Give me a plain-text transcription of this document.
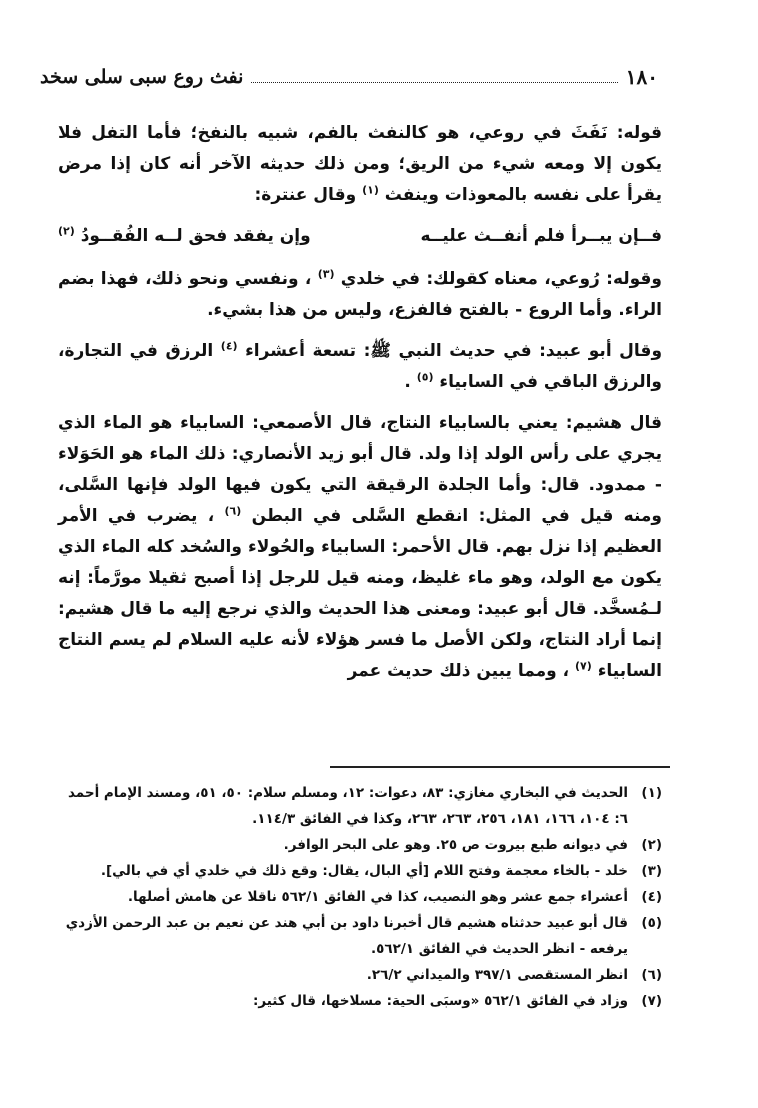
١٨٠
نفث روع سبى سلى سخد

قوله: نَفَثَ في روعي، هو كالنفث بالفم، شبيه بالنفخ؛ فأما التفل فلا يكون إلا ومعه شيء من الريق؛ ومن ذلك حديثه الآخر أنه كان إذا مرض يقرأ على نفسه بالمعوذات وينفث $^{(١)}$ وقال عنترة:

فــإن يبــرأ فلم أنفــث عليــه
وإن يفقد فحق لــه الفُقــودُ $^{(٢)}$

وقوله: رُوعي، معناه كقولك: في خلدي $^{(٣)}$ ، ونفسي ونحو ذلك، فهذا بضم الراء. وأما الروع - بالفتح فالفزع، وليس من هذا بشيء.

وقال أبو عبيد: في حديث النبي ﷺ: تسعة أعشراء $^{(٤)}$ الرزق في التجارة، والرزق الباقي في السابياء $^{(٥)}$ .

قال هشيم: يعني بالسابياء النتاج، قال الأصمعي: السابياء هو الماء الذي يجري على رأس الولد إذا ولد. قال أبو زيد الأنصاري: ذلك الماء هو الحَوَلاء - ممدود. قال: وأما الجلدة الرقيقة التي يكون فيها الولد فإنها السَّلى، ومنه قيل في المثل: انقطع السَّلى في البطن $^{(٦)}$ ، يضرب في الأمر العظيم إذا نزل بهم. قال الأحمر: السابياء والحُولاء والسُخد كله الماء الذي يكون مع الولد، وهو ماء غليظ، ومنه قيل للرجل إذا أصبح ثقيلا مورَّماً: إنه لـمُسخَّد. قال أبو عبيد: ومعنى هذا الحديث والذي نرجع إليه ما قال هشيم: إنما أراد النتاج، ولكن الأصل ما فسر هؤلاء لأنه عليه السلام لم يسم النتاج السابياء $^{(٧)}$ ، ومما يبين ذلك حديث عمر

(١)
الحديث في البخاري مغازي: ٨٣، دعوات: ١٢، ومسلم سلام: ٥٠، ٥١، ومسند الإمام أحمد
٦: ١٠٤، ١٦٦، ١٨١، ٢٥٦، ٢٦٣، ٢٦٣، وكذا في الفائق ١١٤/٣.
(٢)
في ديوانه طبع بيروت ص ٢٥. وهو على البحر الوافر.
(٣)
خلد - بالخاء معجمة وفتح اللام [أي البال، يقال: وقع ذلك في خلدي أي في بالي].
(٤)
أعشراء جمع عشر وهو النصيب، كذا في الفائق ٥٦٢/١ ناقلا عن هامش أصلها.
(٥)
قال أبو عبيد حدثناه هشيم قال أخبرنا داود بن أبي هند عن نعيم بن عبد الرحمن الأزدي
يرفعه - انظر الحديث في الفائق ٥٦٢/١.
(٦)
انظر المستقصى ٣٩٧/١ والميداني ٢٦/٢.
(٧)
وزاد في الفائق ٥٦٢/١ «وسبَى الحية: مسلاخها، قال كثير:
